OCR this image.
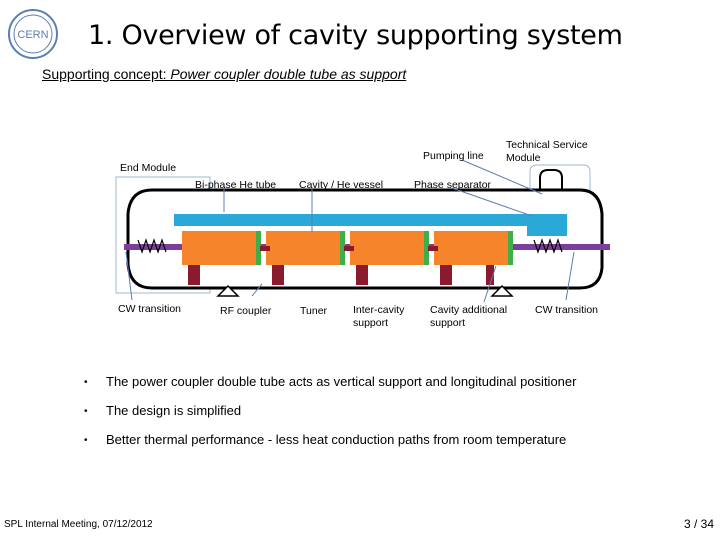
CERN 1. Overview of cavity supporting system
Supporting concept: Power coupler double tube as support
End Module
Pumping line
Technical Service
Module
Bi-phase He tube Cavity / He vessel	Phase separator
CW transition	RF coupler	Tuner Inter-cavity
support
Cavity additional
support
CW transition
• The power coupler double tube acts as vertical support and longitudinal positioner
• The design is simplified
• Better thermal performance - less heat conduction paths from room temperature
SPL Internal Meeting, 07/12/2012	3 / 34
